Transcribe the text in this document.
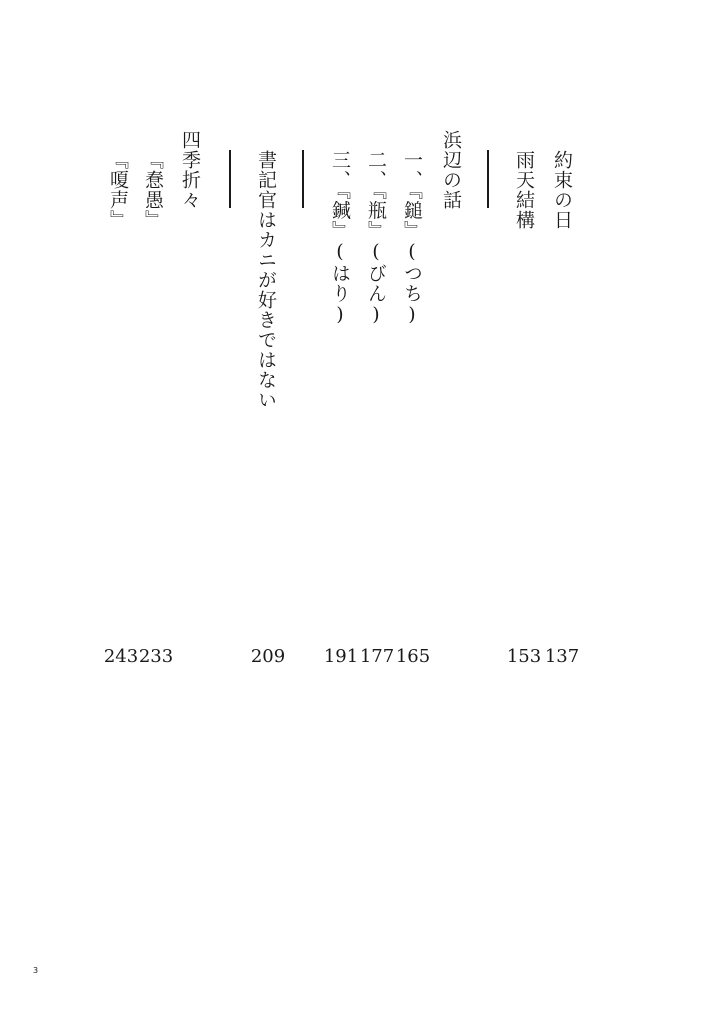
約束の日
雨天結構
浜辺の話
一、『鎚』(つち)
二、『瓶』(びん)
三、『鍼』(はり)
書記官はカニが好きではない
四季折々
『惷愚』
『嗄声』
137
153
165
177
191
209
233
243
3
